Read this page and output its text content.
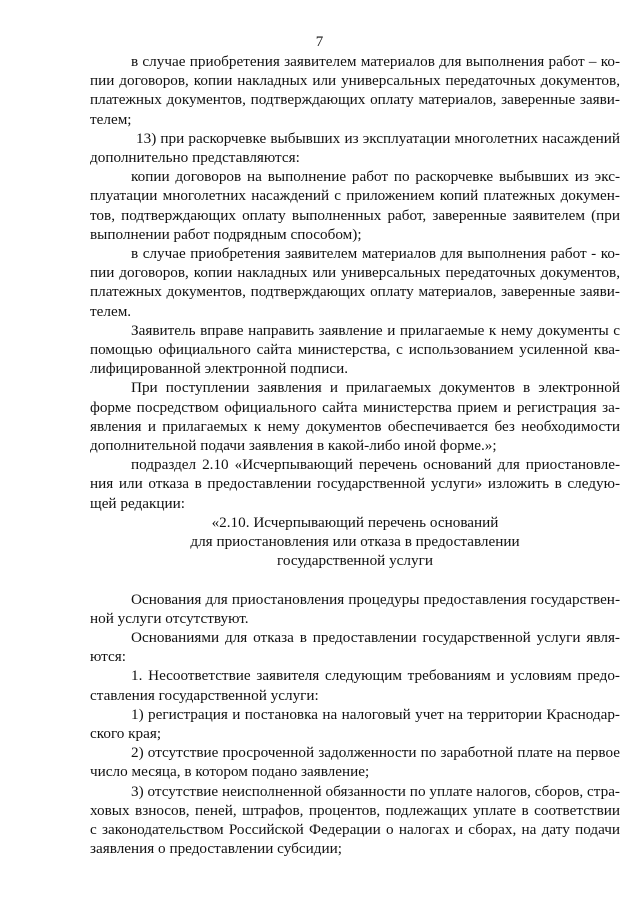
7
в случае приобретения заявителем материалов для выполнения работ – ко-
пии договоров, копии накладных или универсальных передаточных документов,
платежных документов, подтверждающих оплату материалов, заверенные заяви-
телем;
13) при раскорчевке выбывших из эксплуатации многолетних насаждений
дополнительно представляются:
копии договоров на выполнение работ по раскорчевке выбывших из экс-
плуатации многолетних насаждений с приложением копий платежных докумен-
тов, подтверждающих оплату выполненных работ, заверенные заявителем (при
выполнении работ подрядным способом);
в случае приобретения заявителем материалов для выполнения работ - ко-
пии договоров, копии накладных или универсальных передаточных документов,
платежных документов, подтверждающих оплату материалов, заверенные заяви-
телем.
Заявитель вправе направить заявление и прилагаемые к нему документы с
помощью официального сайта министерства, с использованием усиленной ква-
лифицированной электронной подписи.
При поступлении заявления и прилагаемых документов в электронной
форме посредством официального сайта министерства прием и регистрация за-
явления и прилагаемых к нему документов обеспечивается без необходимости
дополнительной подачи заявления в какой-либо иной форме.»;
подраздел 2.10 «Исчерпывающий перечень оснований для приостановле-
ния или отказа в предоставлении государственной услуги» изложить в следую-
щей редакции:
«2.10. Исчерпывающий перечень оснований
для приостановления или отказа в предоставлении
государственной услуги
Основания для приостановления процедуры предоставления государствен-
ной услуги отсутствуют.
Основаниями для отказа в предоставлении государственной услуги явля-
ются:
1. Несоответствие заявителя следующим требованиям и условиям предо-
ставления государственной услуги:
1) регистрация и постановка на налоговый учет на территории Краснодар-
ского края;
2) отсутствие просроченной задолженности по заработной плате на первое
число месяца, в котором подано заявление;
3) отсутствие неисполненной обязанности по уплате налогов, сборов, стра-
ховых взносов, пеней, штрафов, процентов, подлежащих уплате в соответствии
с законодательством Российской Федерации о налогах и сборах, на дату подачи
заявления о предоставлении субсидии;
